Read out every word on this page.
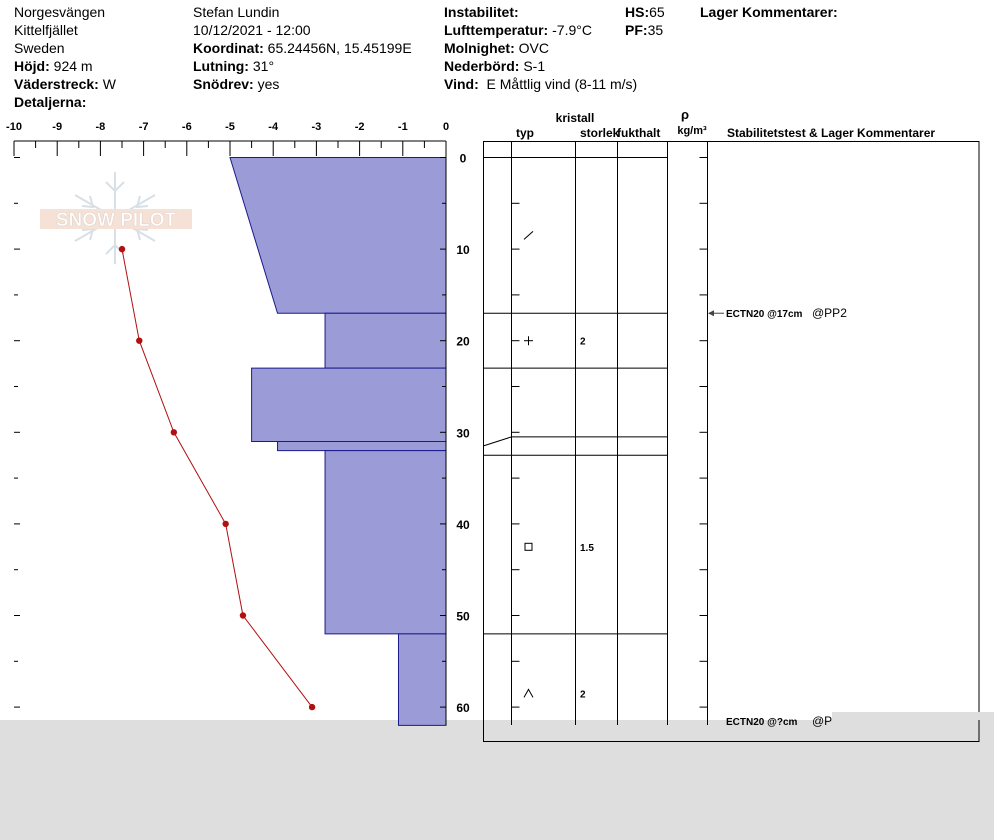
Norgesvängen
Kittelfjället
Sweden
Höjd: 924 m
Väderstreck: W
Detaljerna:
Stefan Lundin
10/12/2021 - 12:00
Koordinat: 65.24456N, 15.45199E
Lutning: 31°
Snödrev: yes
Instabilitet:
Lufttemperatur: -7.9°C
Molnighet: OVC
Nederbörd: S-1
Vind: E Måttlig vind (8-11 m/s)
HS:65
PF:35
Lager Kommentarer:
SNOW PILOT
-10	-9	-8	-7	-6	-5	-4	-3	-2	-1	0
0
10
20
30
40
50
60
2
1.5
2
ECTN20 @17cm @PP2
ECTN20 @?cm @P
kristall
typ	storlek
fukthalt
ρ
kg/m³ Stabilitetstest & Lager Kommentarer
